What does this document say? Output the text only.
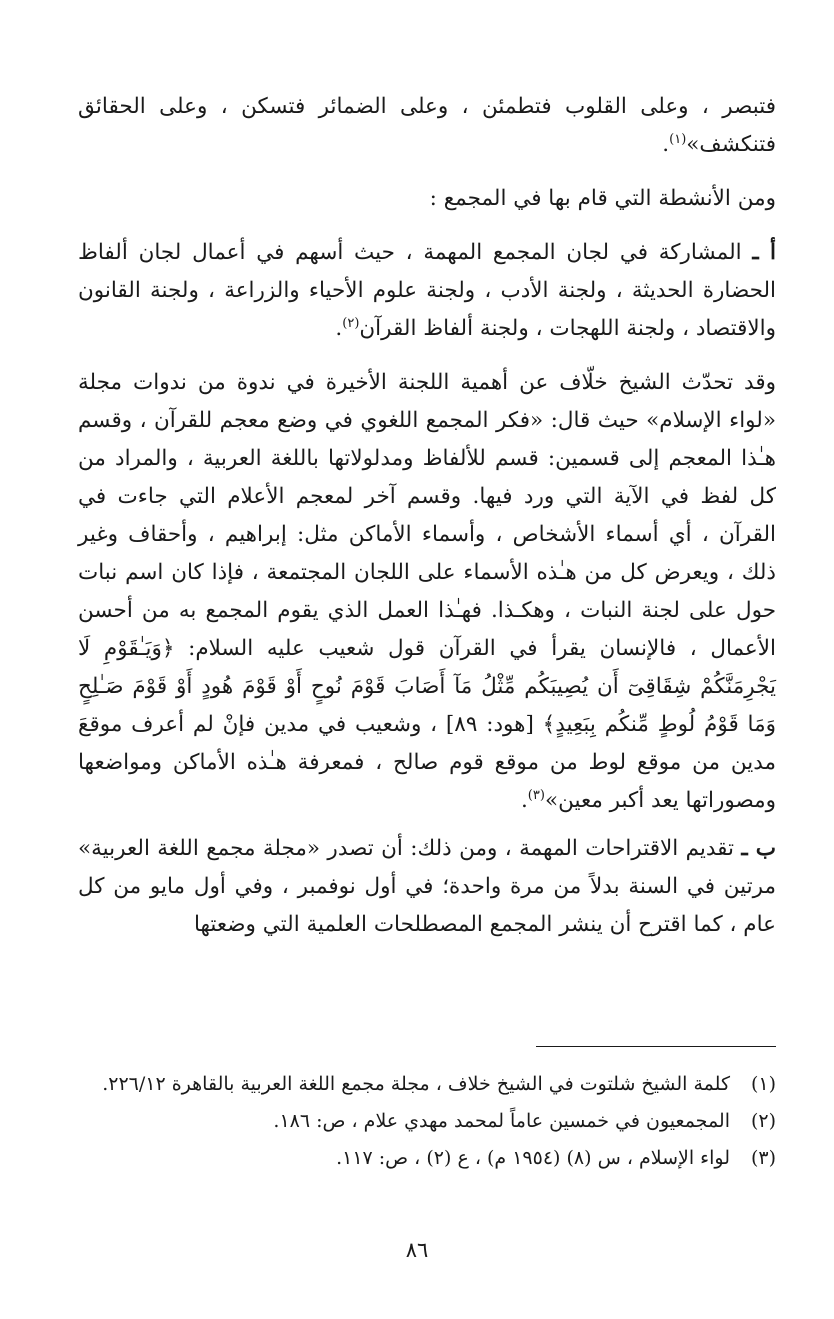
فتبصر ، وعلى القلوب فتطمئن ، وعلى الضمائر فتسكن ، وعلى الحقائق فتنكشف»$^{(١)}$.

ومن الأنشطة التي قام بها في المجمع :

أ ـ المشاركة في لجان المجمع المهمة ، حيث أسهم في أعمال لجان ألفاظ الحضارة الحديثة ، ولجنة الأدب ، ولجنة علوم الأحياء والزراعة ، ولجنة القانون والاقتصاد ، ولجنة اللهجات ، ولجنة ألفاظ القرآن$^{(٢)}$.

وقد تحدّث الشيخ خلّاف عن أهمية اللجنة الأخيرة في ندوة من ندوات مجلة «لواء الإسلام» حيث قال: «فكر المجمع اللغوي في وضع معجم للقرآن ، وقسم هـٰذا المعجم إلى قسمين: قسم للألفاظ ومدلولاتها باللغة العربية ، والمراد من كل لفظ في الآية التي ورد فيها. وقسم آخر لمعجم الأعلام التي جاءت في القرآن ، أي أسماء الأشخاص ، وأسماء الأماكن مثل: إبراهيم ، وأحقاف وغير ذلك ، ويعرض كل من هـٰذه الأسماء على اللجان المجتمعة ، فإذا كان اسم نبات حول على لجنة النبات ، وهكـذا. فهـٰذا العمل الذي يقوم المجمع به من أحسن الأعمال ، فالإنسان يقرأ في القرآن قول شعيب عليه السلام: ﴿وَيَـٰقَوْمِ لَا يَجْرِمَنَّكُمْ شِقَاقِىٓ أَن يُصِيبَكُم مِّثْلُ مَآ أَصَابَ قَوْمَ نُوحٍ أَوْ قَوْمَ هُودٍ أَوْ قَوْمَ صَـٰلِحٍ وَمَا قَوْمُ لُوطٍ مِّنكُم بِبَعِيدٍ﴾ [هود: ٨٩] ، وشعيب في مدين فإنْ لم أعرف موقعَ مدين من موقع لوط من موقع قوم صالح ، فمعرفة هـٰذه الأماكن ومواضعها ومصوراتها يعد أكبر معين»$^{(٣)}$.

ب ـ تقديم الاقتراحات المهمة ، ومن ذلك: أن تصدر «مجلة مجمع اللغة العربية» مرتين في السنة بدلاً من مرة واحدة؛ في أول نوفمبر ، وفي أول مايو من كل عام ، كما اقترح أن ينشر المجمع المصطلحات العلمية التي وضعتها

(١)
كلمة الشيخ شلتوت في الشيخ خلاف ، مجلة مجمع اللغة العربية بالقاهرة ٢٢٦/١٢.
(٢)
المجمعيون في خمسين عاماً لمحمد مهدي علام ، ص: ١٨٦.
(٣)
لواء الإسلام ، س (٨) (١٩٥٤ م) ، ع (٢) ، ص: ١١٧.
٨٦
